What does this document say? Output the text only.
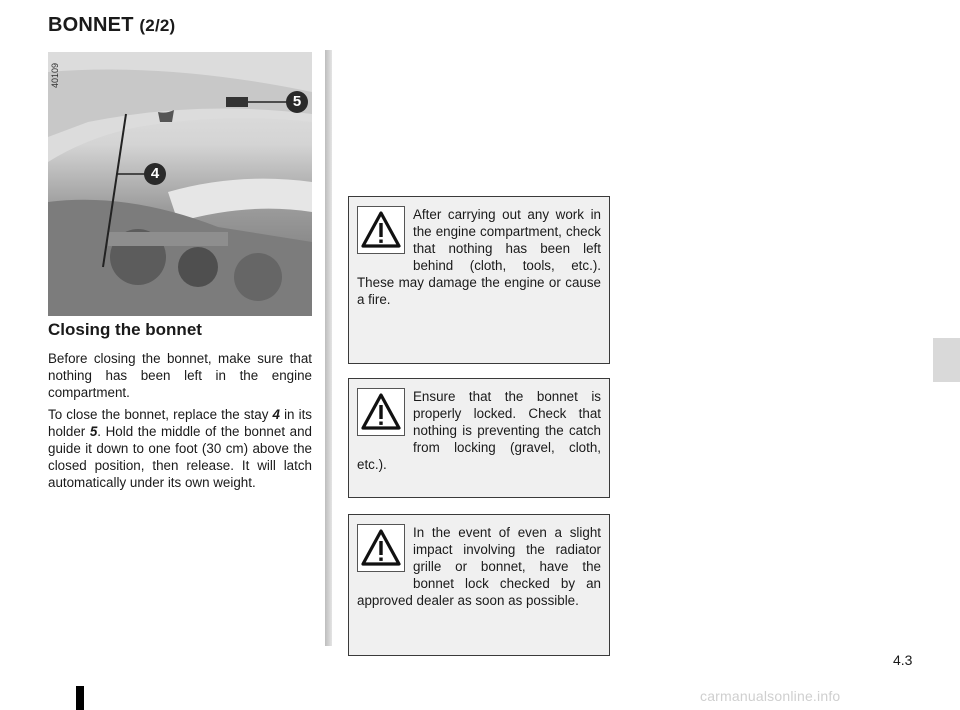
BONNET (2/2)
40109
5
4
Closing the bonnet

Before closing the bonnet, make sure that nothing has been left in the engine compartment.

To close the bonnet, replace the stay 4 in its holder 5. Hold the middle of the bonnet and guide it down to one foot (30 cm) above the closed position, then release. It will latch automatically under its own weight.

After carrying out any work in the engine compartment, check that nothing has been left behind (cloth, tools, etc.). These may damage the engine or cause a fire.
Ensure that the bonnet is properly locked. Check that nothing is preventing the catch from locking (gravel, cloth, etc.).
In the event of even a slight impact involving the radiator grille or bonnet, have the bonnet lock checked by an approved dealer as soon as possible.
4.3
carmanualsonline.info
